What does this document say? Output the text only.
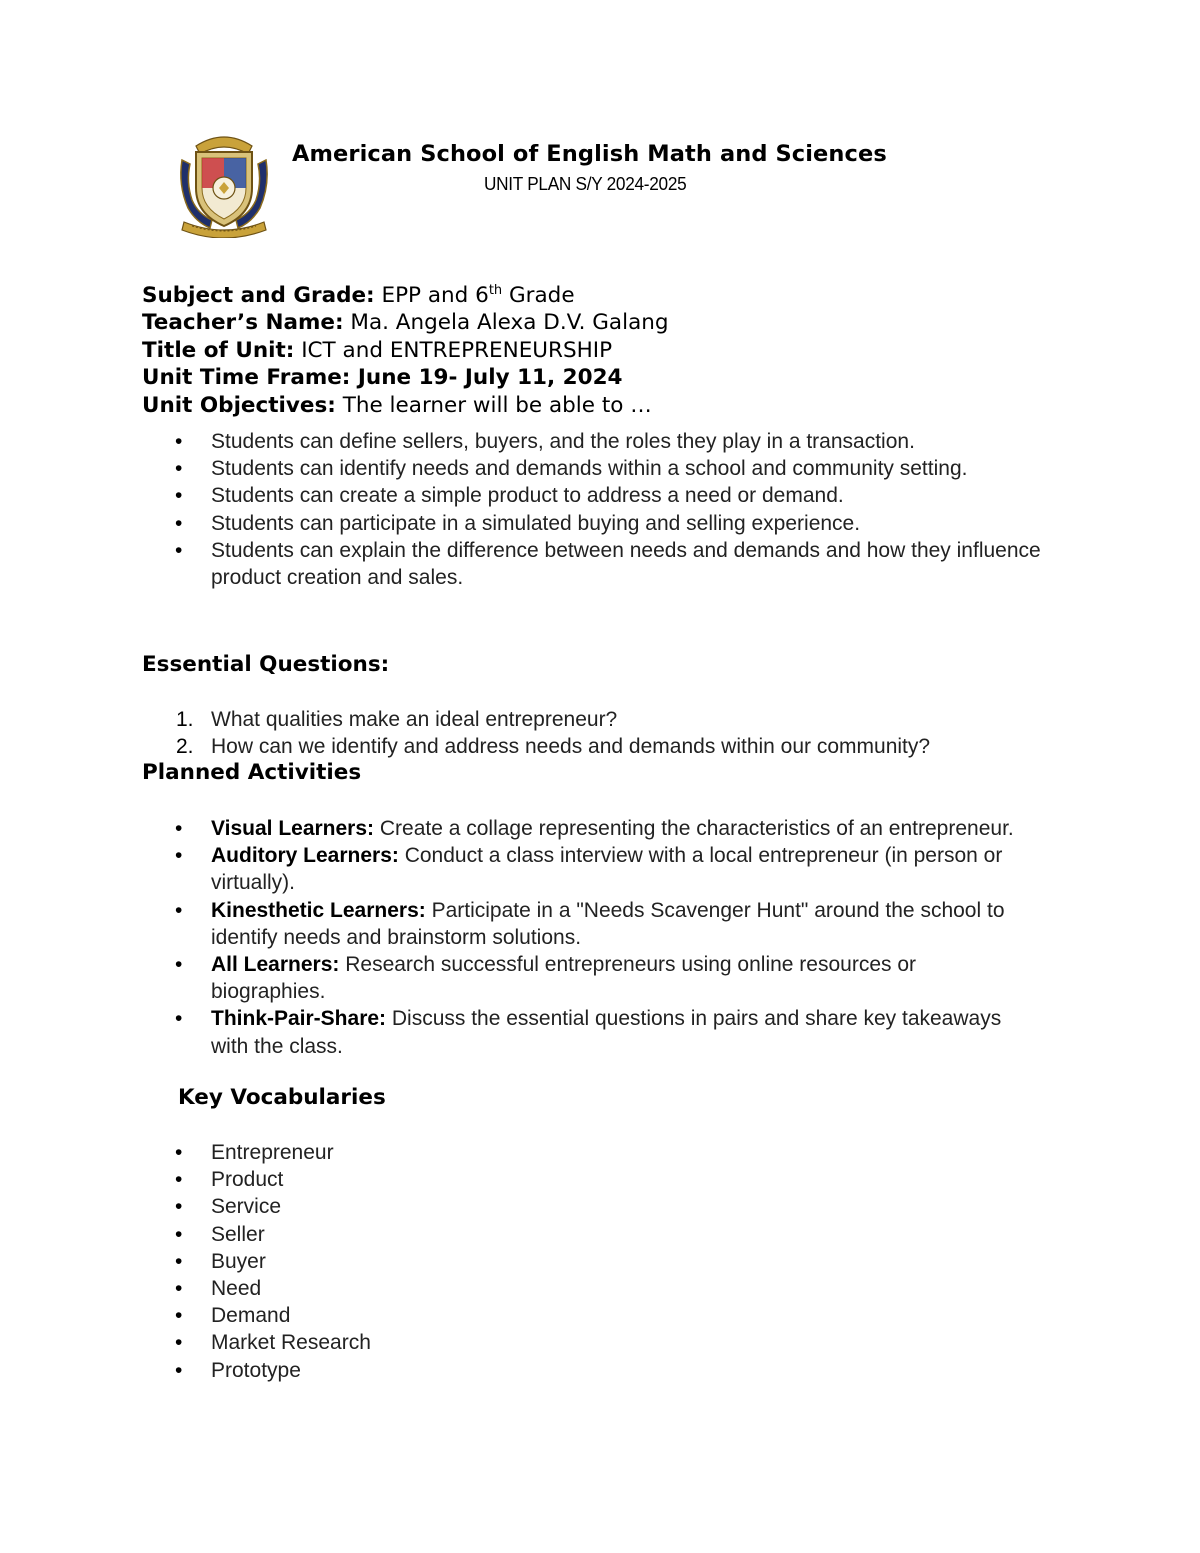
American School of English Math and Sciences
UNIT PLAN S/Y 2024-2025
Subject and Grade: EPP and 6th Grade
Teacher’s Name: Ma. Angela Alexa D.V. Galang
Title of Unit: ICT and ENTREPRENEURSHIP
Unit Time Frame: June 19- July 11, 2024
Unit Objectives: The learner will be able to …
• Students can define sellers, buyers, and the roles they play in a transaction.
• Students can identify needs and demands within a school and community setting.
• Students can create a simple product to address a need or demand.
• Students can participate in a simulated buying and selling experience.
• Students can explain the difference between needs and demands and how they influence product creation and sales.
Essential Questions:
1. What qualities make an ideal entrepreneur?
2. How can we identify and address needs and demands within our community?
Planned Activities
• Visual Learners: Create a collage representing the characteristics of an entrepreneur.
• Auditory Learners: Conduct a class interview with a local entrepreneur (in person or virtually).
• Kinesthetic Learners: Participate in a "Needs Scavenger Hunt" around the school to identify needs and brainstorm solutions.
• All Learners: Research successful entrepreneurs using online resources or biographies.
• Think-Pair-Share: Discuss the essential questions in pairs and share key takeaways with the class.
Key Vocabularies
• Entrepreneur
• Product
• Service
• Seller
• Buyer
• Need
• Demand
• Market Research
• Prototype
